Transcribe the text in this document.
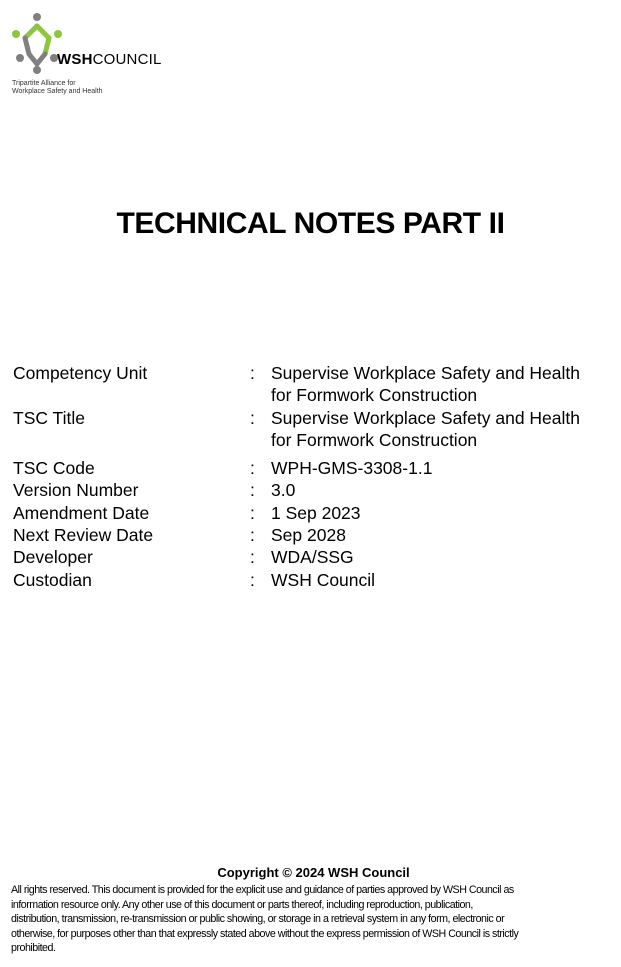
WSHCOUNCIL
Tripartite Alliance for
Workplace Safety and Health
TECHNICAL NOTES PART II
Competency Unit	: Supervise Workplace Safety and Health
for Formwork Construction
TSC Title	: Supervise Workplace Safety and Health
for Formwork Construction
TSC Code	: WPH-GMS-3308-1.1
Version Number	: 3.0
Amendment Date	: 1 Sep 2023
Next Review Date	: Sep 2028
Developer	: WDA/SSG
Custodian	: WSH Council
Copyright © 2024 WSH Council
All rights reserved. This document is provided for the explicit use and guidance of parties approved by WSH Council as
information resource only. Any other use of this document or parts thereof, including reproduction, publication,
distribution, transmission, re-transmission or public showing, or storage in a retrieval system in any form, electronic or
otherwise, for purposes other than that expressly stated above without the express permission of WSH Council is strictly
prohibited.
